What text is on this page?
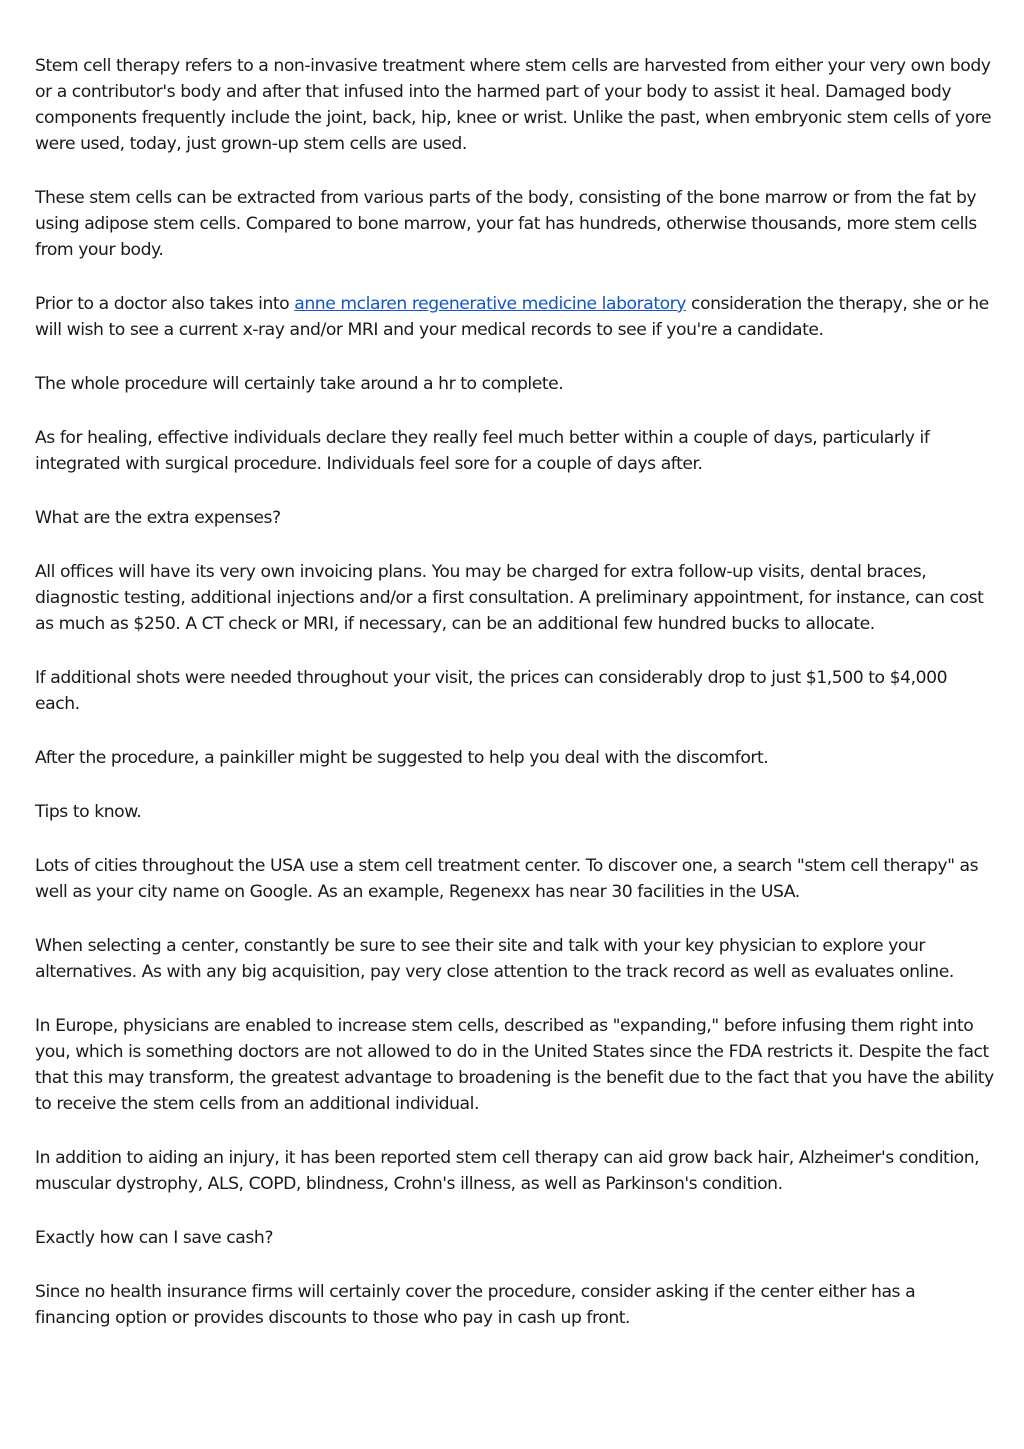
Stem cell therapy refers to a non-invasive treatment where stem cells are harvested from either your very own body or a contributor's body and after that infused into the harmed part of your body to assist it heal. Damaged body components frequently include the joint, back, hip, knee or wrist. Unlike the past, when embryonic stem cells of yore were used, today, just grown-up stem cells are used.

These stem cells can be extracted from various parts of the body, consisting of the bone marrow or from the fat by using adipose stem cells. Compared to bone marrow, your fat has hundreds, otherwise thousands, more stem cells from your body.

Prior to a doctor also takes into anne mclaren regenerative medicine laboratory consideration the therapy, she or he will wish to see a current x-ray and/or MRI and your medical records to see if you're a candidate.

The whole procedure will certainly take around a hr to complete.

As for healing, effective individuals declare they really feel much better within a couple of days, particularly if integrated with surgical procedure. Individuals feel sore for a couple of days after.

What are the extra expenses?

All offices will have its very own invoicing plans. You may be charged for extra follow-up visits, dental braces, diagnostic testing, additional injections and/or a first consultation. A preliminary appointment, for instance, can cost as much as $250. A CT check or MRI, if necessary, can be an additional few hundred bucks to allocate.

If additional shots were needed throughout your visit, the prices can considerably drop to just $1,500 to $4,000 each.

After the procedure, a painkiller might be suggested to help you deal with the discomfort.

Tips to know.

Lots of cities throughout the USA use a stem cell treatment center. To discover one, a search "stem cell therapy" as well as your city name on Google. As an example, Regenexx has near 30 facilities in the USA.

When selecting a center, constantly be sure to see their site and talk with your key physician to explore your alternatives. As with any big acquisition, pay very close attention to the track record as well as evaluates online.

In Europe, physicians are enabled to increase stem cells, described as "expanding," before infusing them right into you, which is something doctors are not allowed to do in the United States since the FDA restricts it. Despite the fact that this may transform, the greatest advantage to broadening is the benefit due to the fact that you have the ability to receive the stem cells from an additional individual.

In addition to aiding an injury, it has been reported stem cell therapy can aid grow back hair, Alzheimer's condition, muscular dystrophy, ALS, COPD, blindness, Crohn's illness, as well as Parkinson's condition.

Exactly how can I save cash?

Since no health insurance firms will certainly cover the procedure, consider asking if the center either has a financing option or provides discounts to those who pay in cash up front.
